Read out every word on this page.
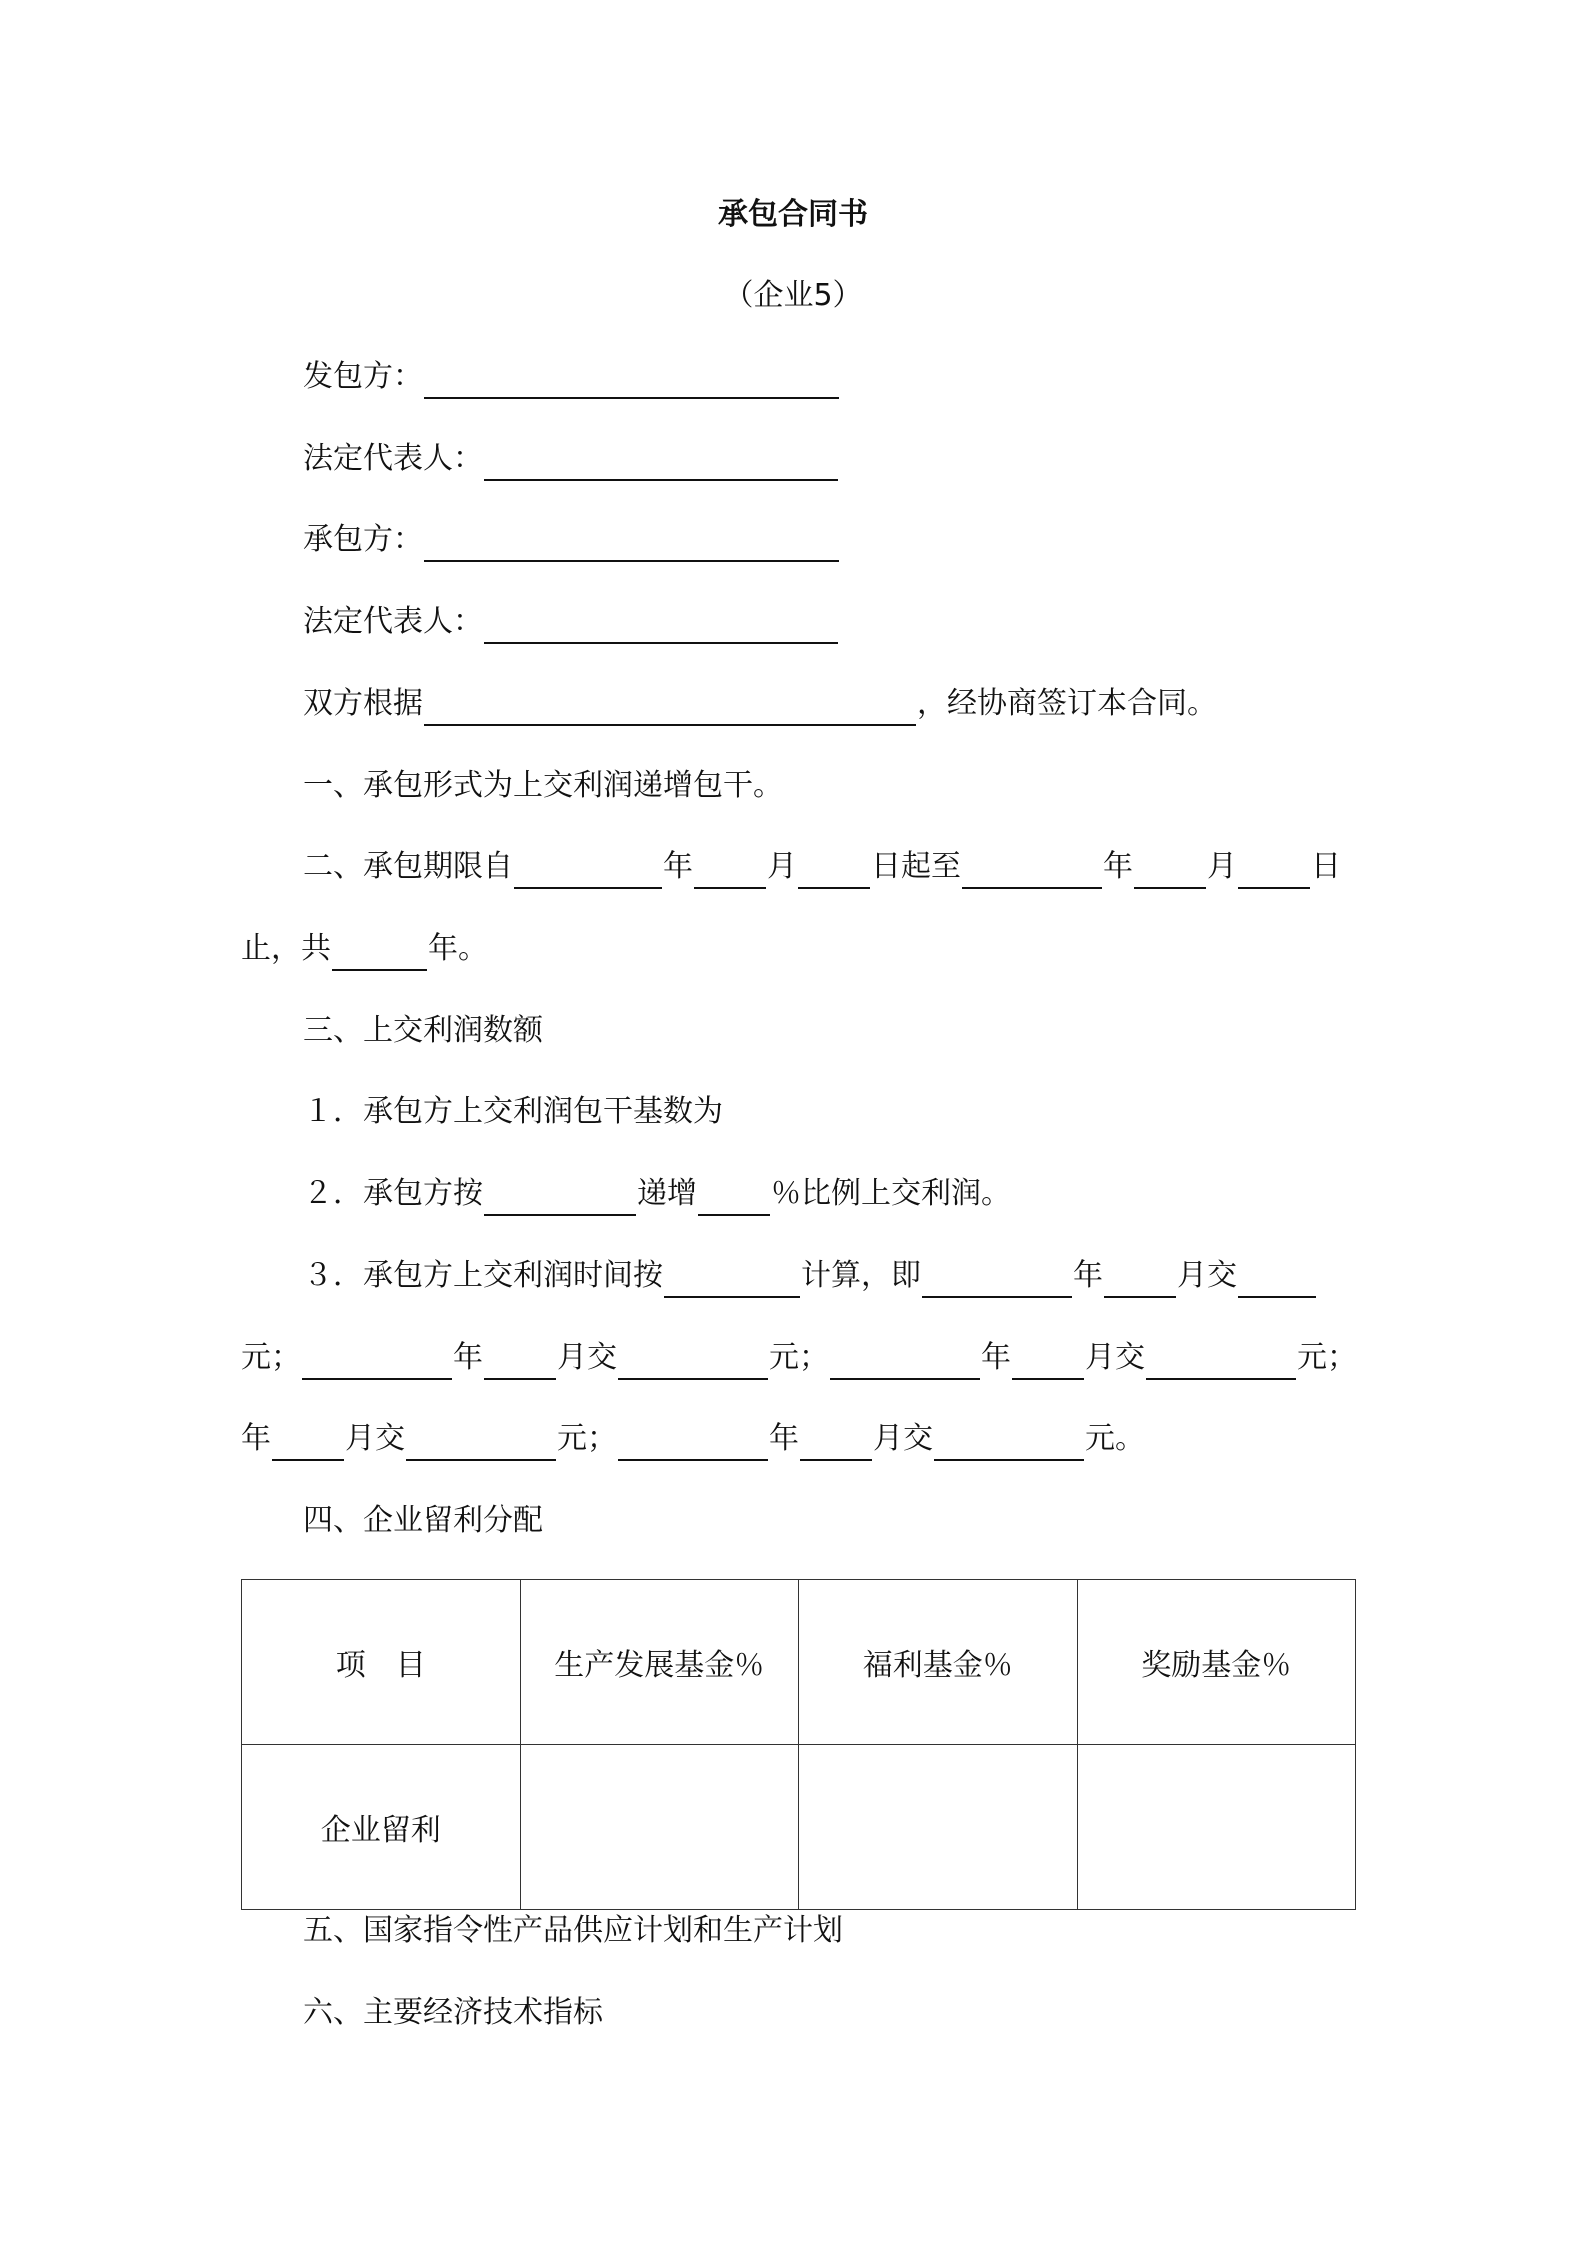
承包合同书
（企业5）
发包方：
法定代表人：
承包方：
法定代表人：
双方根据	，经协商签订本合同。
一、承包形式为上交利润递增包干。
二、承包期限自	年 月 日起至	年 月 日
止，共	年。
三、上交利润数额
１．承包方上交利润包干基数为
２．承包方按	递增 ％比例上交利润。
３．承包方上交利润时间按	计算，即	年 月交
元；	年 月交	元；	年 月交	元；
年 月交	元；	年 月交	元。
四、企业留利分配
项　目	生产发展基金％	福利基金％	奖励基金％
企业留利			
五、国家指令性产品供应计划和生产计划
六、主要经济技术指标
